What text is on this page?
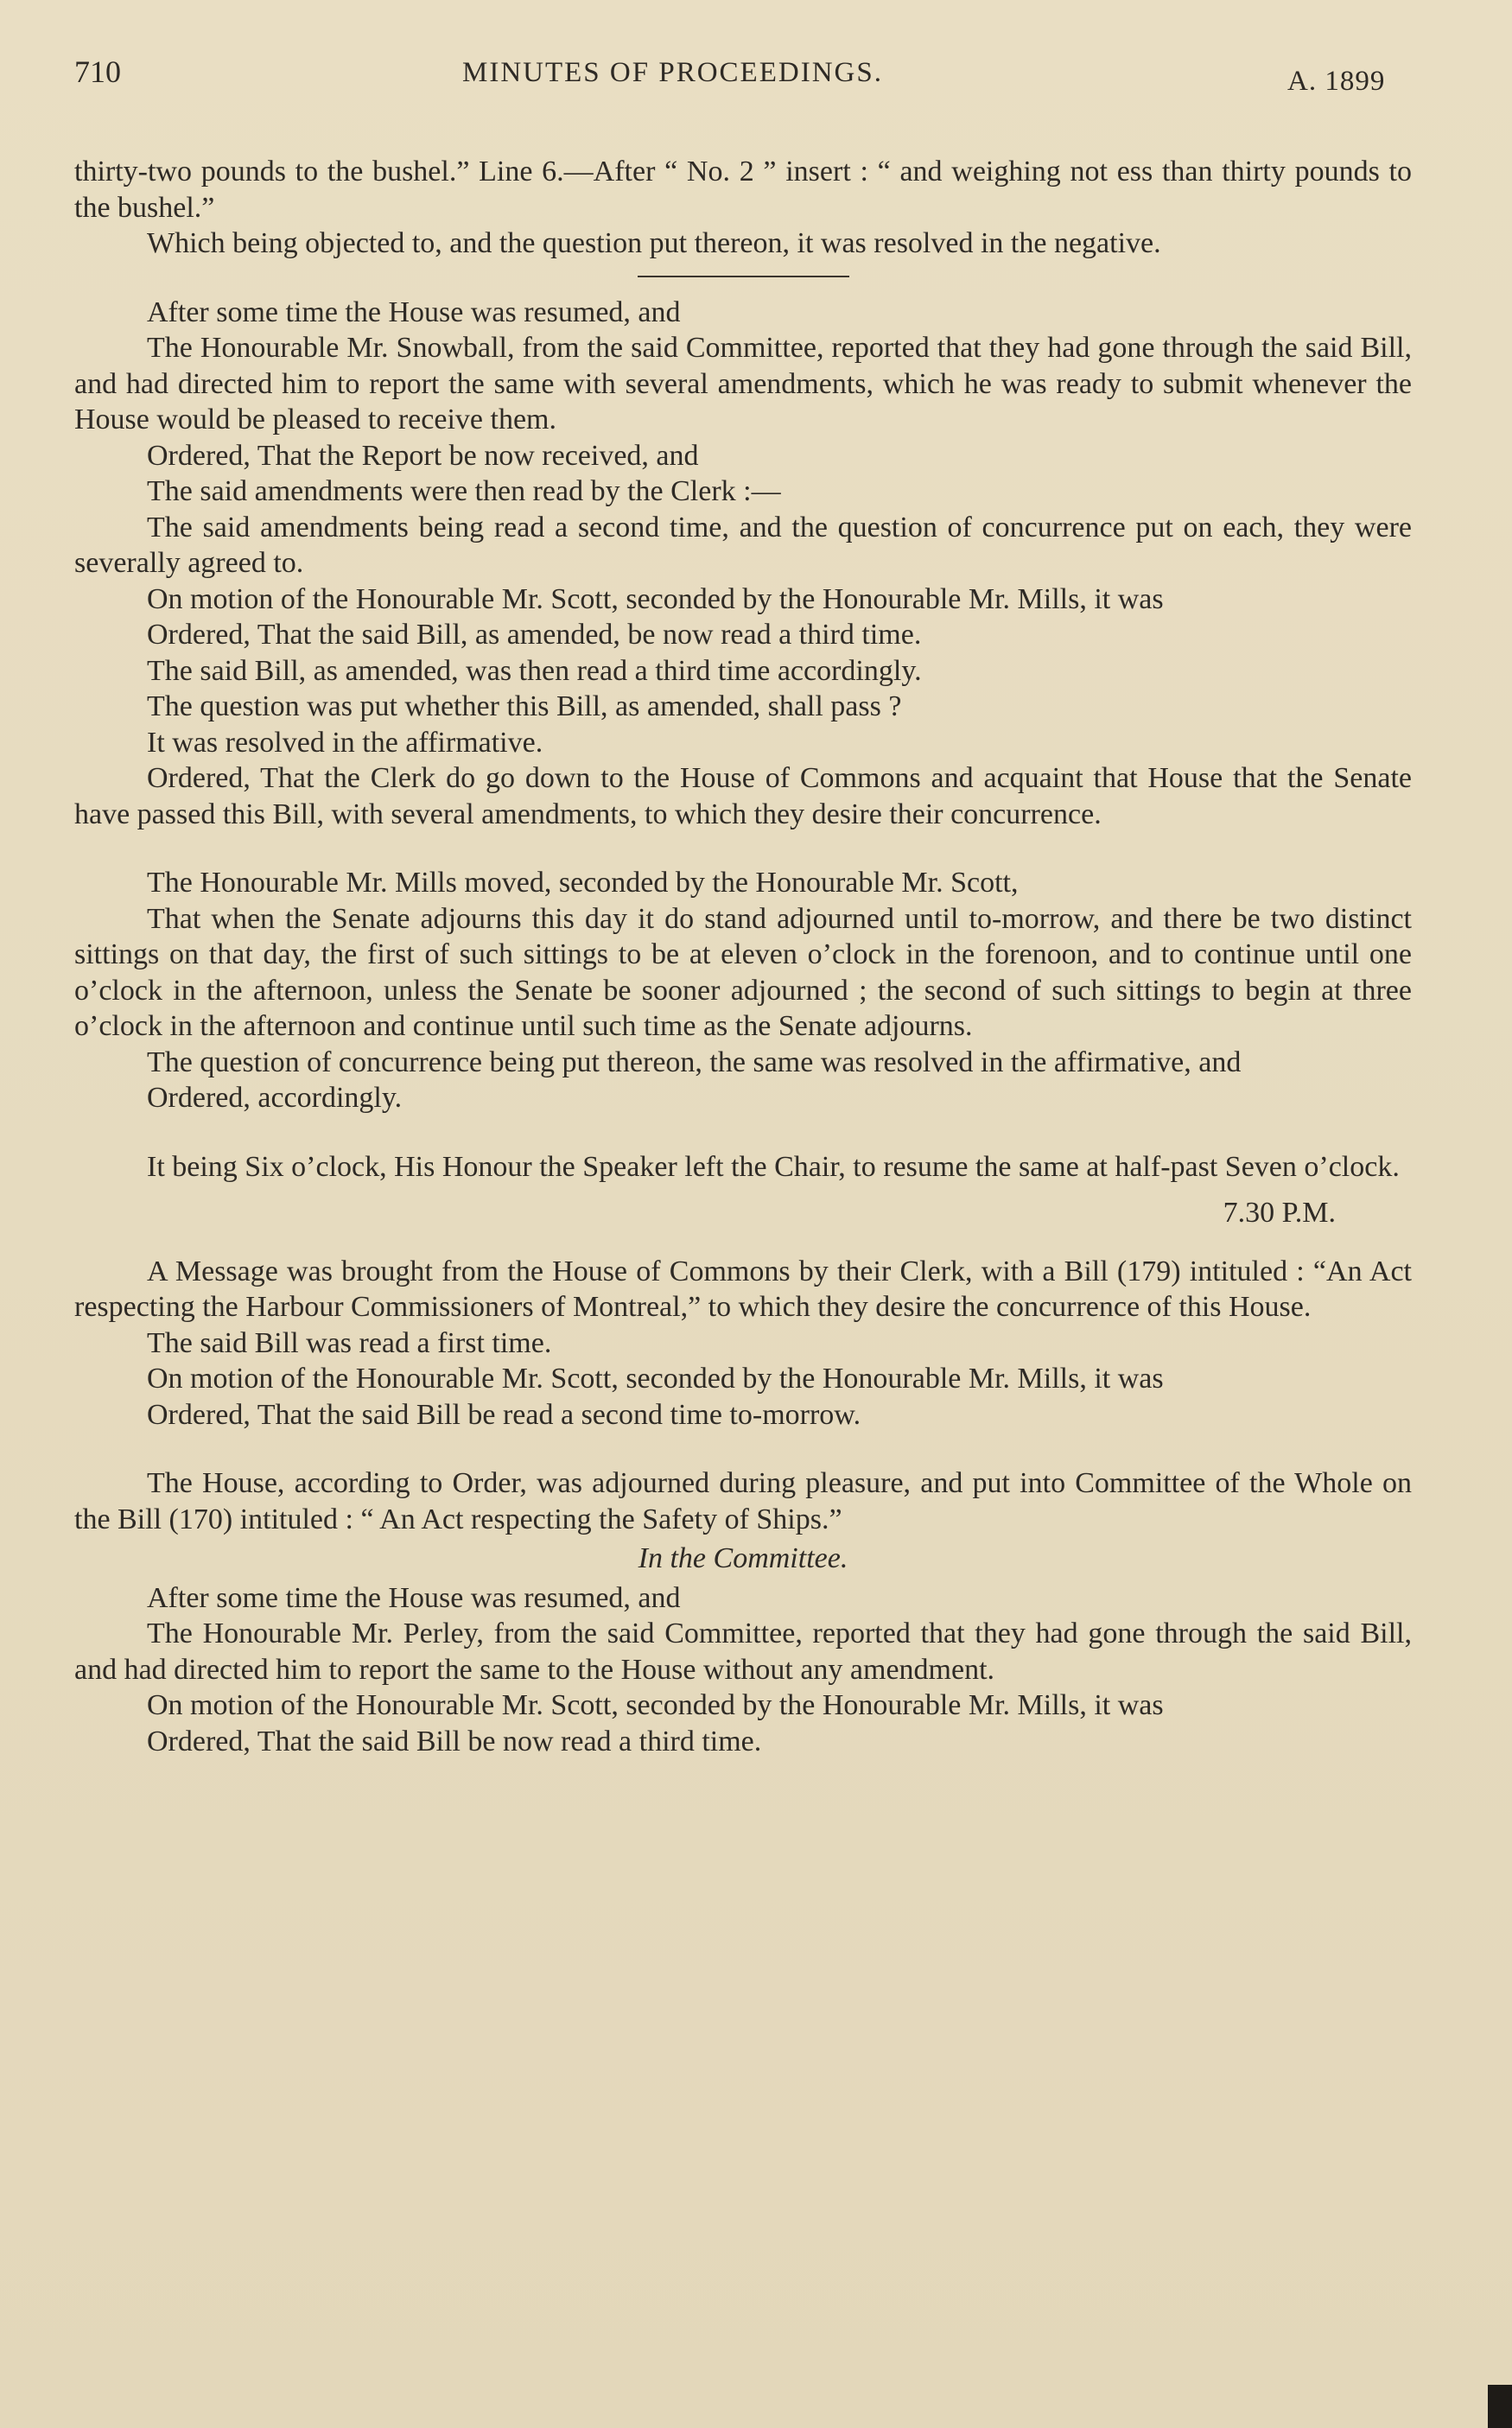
710	MINUTES OF PROCEEDINGS.	A. 1899

thirty-two pounds to the bushel.” Line 6.—After “ No. 2 ” insert : “ and weighing not ess than thirty pounds to the bushel.”

Which being objected to, and the question put thereon, it was resolved in the negative.

After some time the House was resumed, and

The Honourable Mr. Snowball, from the said Committee, reported that they had gone through the said Bill, and had directed him to report the same with several amendments, which he was ready to submit whenever the House would be pleased to receive them.

Ordered, That the Report be now received, and

The said amendments were then read by the Clerk :—

The said amendments being read a second time, and the question of concurrence put on each, they were severally agreed to.

On motion of the Honourable Mr. Scott, seconded by the Honourable Mr. Mills, it was

Ordered, That the said Bill, as amended, be now read a third time.

The said Bill, as amended, was then read a third time accordingly.

The question was put whether this Bill, as amended, shall pass ?

It was resolved in the affirmative.

Ordered, That the Clerk do go down to the House of Commons and acquaint that House that the Senate have passed this Bill, with several amendments, to which they desire their concurrence.

The Honourable Mr. Mills moved, seconded by the Honourable Mr. Scott,

That when the Senate adjourns this day it do stand adjourned until to-morrow, and there be two distinct sittings on that day, the first of such sittings to be at eleven o’clock in the forenoon, and to continue until one o’clock in the afternoon, unless the Senate be sooner adjourned ; the second of such sittings to begin at three o’clock in the afternoon and continue until such time as the Senate adjourns.

The question of concurrence being put thereon, the same was resolved in the affirmative, and

Ordered, accordingly.

It being Six o’clock, His Honour the Speaker left the Chair, to resume the same at half-past Seven o’clock.

7.30 P.M.

A Message was brought from the House of Commons by their Clerk, with a Bill (179) intituled : “An Act respecting the Harbour Commissioners of Montreal,” to which they desire the concurrence of this House.

The said Bill was read a first time.

On motion of the Honourable Mr. Scott, seconded by the Honourable Mr. Mills, it was

Ordered, That the said Bill be read a second time to-morrow.

The House, according to Order, was adjourned during pleasure, and put into Committee of the Whole on the Bill (170) intituled : “ An Act respecting the Safety of Ships.”

In the Committee.

After some time the House was resumed, and

The Honourable Mr. Perley, from the said Committee, reported that they had gone through the said Bill, and had directed him to report the same to the House without any amendment.

On motion of the Honourable Mr. Scott, seconded by the Honourable Mr. Mills, it was

Ordered, That the said Bill be now read a third time.
